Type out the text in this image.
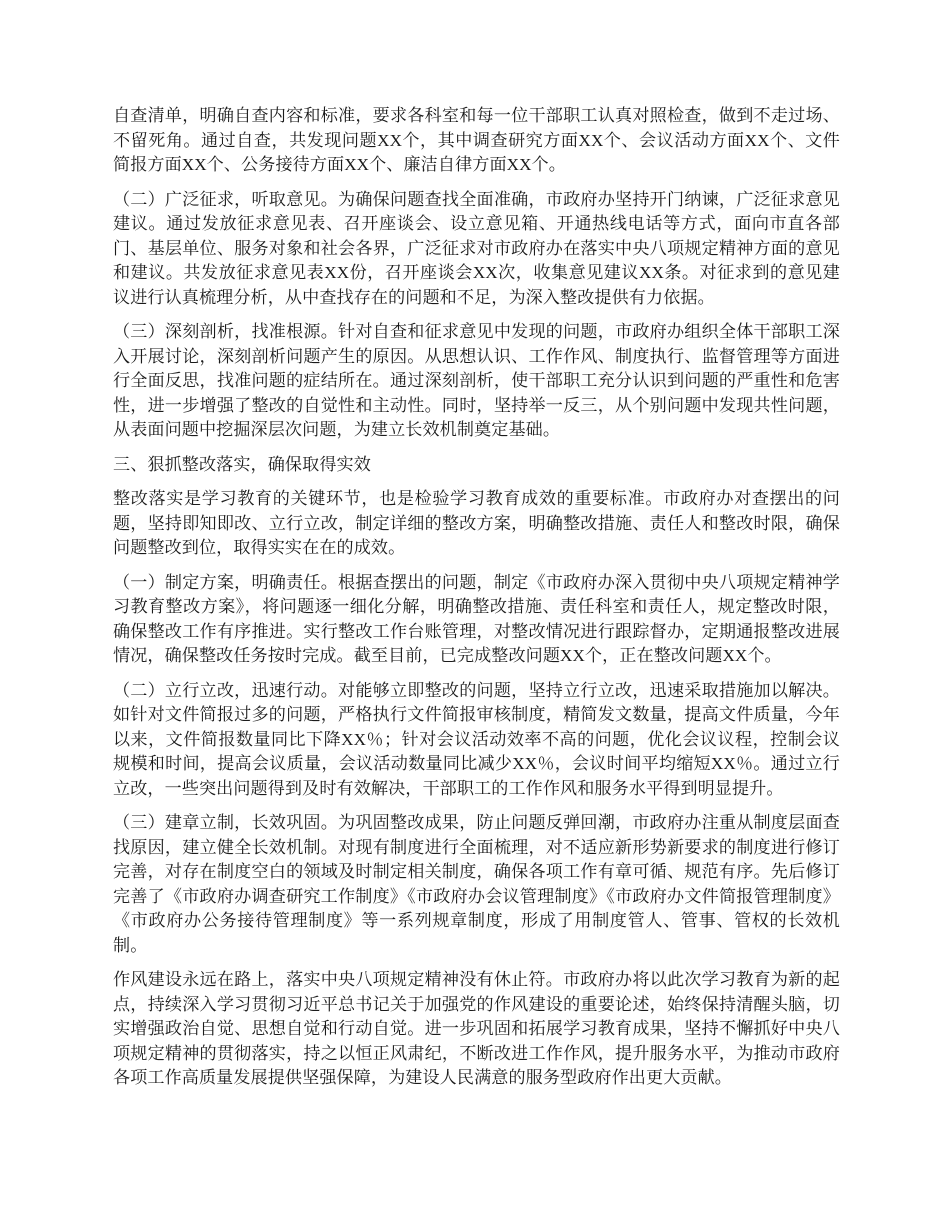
自查清单，明确自查内容和标准，要求各科室和每一位干部职工认真对照检查，做到不走过场、不留死角。通过自查，共发现问题XX个，其中调查研究方面XX个、会议活动方面XX个、文件简报方面XX个、公务接待方面XX个、廉洁自律方面XX个。

（二）广泛征求，听取意见。为确保问题查找全面准确，市政府办坚持开门纳谏，广泛征求意见建议。通过发放征求意见表、召开座谈会、设立意见箱、开通热线电话等方式，面向市直各部门、基层单位、服务对象和社会各界，广泛征求对市政府办在落实中央八项规定精神方面的意见和建议。共发放征求意见表XX份，召开座谈会XX次，收集意见建议XX条。对征求到的意见建议进行认真梳理分析，从中查找存在的问题和不足，为深入整改提供有力依据。

（三）深刻剖析，找准根源。针对自查和征求意见中发现的问题，市政府办组织全体干部职工深入开展讨论，深刻剖析问题产生的原因。从思想认识、工作作风、制度执行、监督管理等方面进行全面反思，找准问题的症结所在。通过深刻剖析，使干部职工充分认识到问题的严重性和危害性，进一步增强了整改的自觉性和主动性。同时，坚持举一反三，从个别问题中发现共性问题，从表面问题中挖掘深层次问题，为建立长效机制奠定基础。

三、狠抓整改落实，确保取得实效

整改落实是学习教育的关键环节，也是检验学习教育成效的重要标准。市政府办对查摆出的问题，坚持即知即改、立行立改，制定详细的整改方案，明确整改措施、责任人和整改时限，确保问题整改到位，取得实实在在的成效。

（一）制定方案，明确责任。根据查摆出的问题，制定《市政府办深入贯彻中央八项规定精神学习教育整改方案》，将问题逐一细化分解，明确整改措施、责任科室和责任人，规定整改时限，确保整改工作有序推进。实行整改工作台账管理，对整改情况进行跟踪督办，定期通报整改进展情况，确保整改任务按时完成。截至目前，已完成整改问题XX个，正在整改问题XX个。

（二）立行立改，迅速行动。对能够立即整改的问题，坚持立行立改，迅速采取措施加以解决。如针对文件简报过多的问题，严格执行文件简报审核制度，精简发文数量，提高文件质量，今年以来，文件简报数量同比下降XX％；针对会议活动效率不高的问题，优化会议议程，控制会议规模和时间，提高会议质量，会议活动数量同比减少XX％，会议时间平均缩短XX％。通过立行立改，一些突出问题得到及时有效解决，干部职工的工作作风和服务水平得到明显提升。

（三）建章立制，长效巩固。为巩固整改成果，防止问题反弹回潮，市政府办注重从制度层面查找原因，建立健全长效机制。对现有制度进行全面梳理，对不适应新形势新要求的制度进行修订完善，对存在制度空白的领域及时制定相关制度，确保各项工作有章可循、规范有序。先后修订完善了《市政府办调查研究工作制度》《市政府办会议管理制度》《市政府办文件简报管理制度》《市政府办公务接待管理制度》等一系列规章制度，形成了用制度管人、管事、管权的长效机制。

作风建设永远在路上，落实中央八项规定精神没有休止符。市政府办将以此次学习教育为新的起点，持续深入学习贯彻习近平总书记关于加强党的作风建设的重要论述，始终保持清醒头脑，切实增强政治自觉、思想自觉和行动自觉。进一步巩固和拓展学习教育成果，坚持不懈抓好中央八项规定精神的贯彻落实，持之以恒正风肃纪，不断改进工作作风，提升服务水平，为推动市政府各项工作高质量发展提供坚强保障，为建设人民满意的服务型政府作出更大贡献。
